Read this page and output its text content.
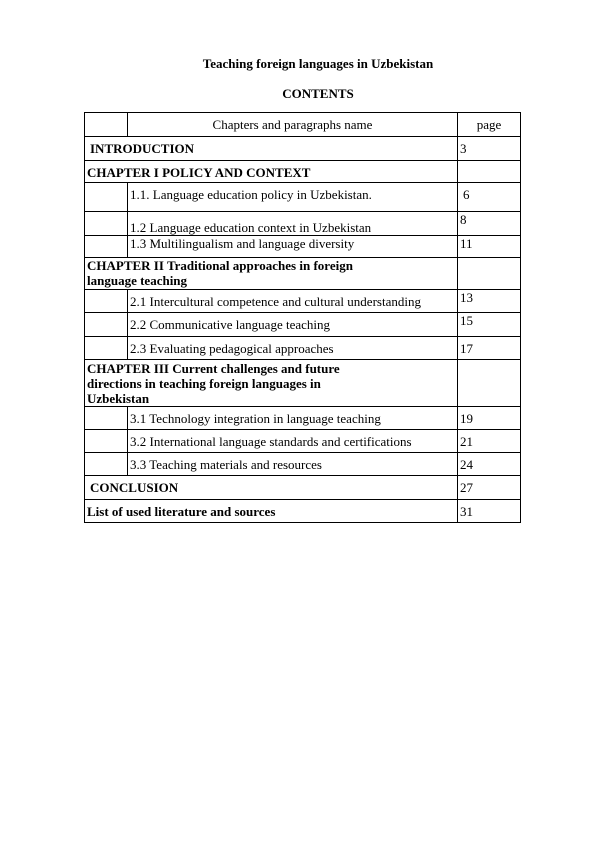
Teaching foreign languages in Uzbekistan
CONTENTS
	Chapters and paragraphs name	page
INTRODUCTION		3
CHAPTER I POLICY AND CONTEXT		
	1.1. Language education policy in Uzbekistan.	6
	1.2 Language education context in Uzbekistan	8
	1.3 Multilingualism and language diversity	11
CHAPTER II Traditional approaches in foreign language teaching		
	2.1 Intercultural competence and cultural understanding	13
	2.2 Communicative language teaching	15
	2.3 Evaluating pedagogical approaches	17
CHAPTER III Current challenges and future directions in teaching foreign languages in Uzbekistan		
	3.1 Technology integration in language teaching	19
	3.2 International language standards and certifications	21
	3.3 Teaching materials and resources	24
CONCLUSION		27
List of used literature and sources		31
